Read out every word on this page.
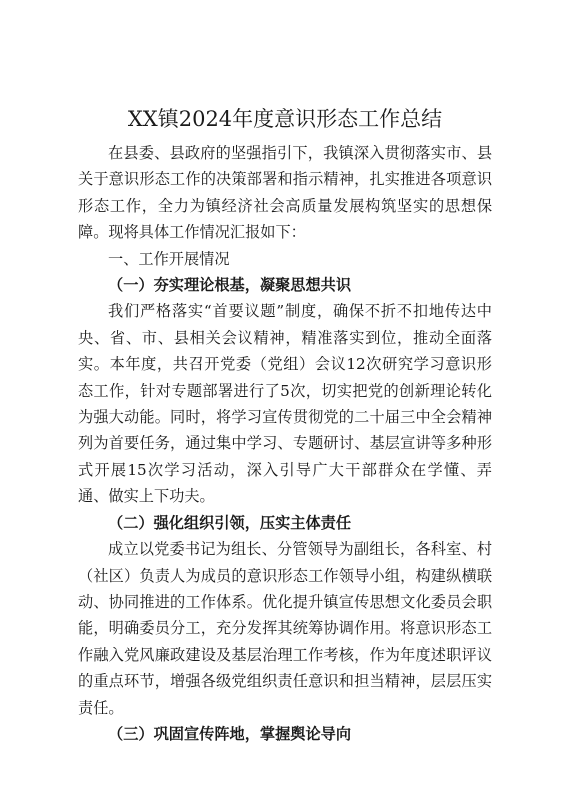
XX镇2024年度意识形态工作总结

在县委、县政府的坚强指引下，我镇深入贯彻落实市、县关于意识形态工作的决策部署和指示精神，扎实推进各项意识形态工作，全力为镇经济社会高质量发展构筑坚实的思想保障。现将具体工作情况汇报如下：

一、工作开展情况

（一）夯实理论根基，凝聚思想共识

我们严格落实“首要议题”制度，确保不折不扣地传达中央、省、市、县相关会议精神，精准落实到位，推动全面落实。本年度，共召开党委（党组）会议12次研究学习意识形态工作，针对专题部署进行了5次，切实把党的创新理论转化为强大动能。同时，将学习宣传贯彻党的二十届三中全会精神列为首要任务，通过集中学习、专题研讨、基层宣讲等多种形式开展15次学习活动，深入引导广大干部群众在学懂、弄通、做实上下功夫。

（二）强化组织引领，压实主体责任

成立以党委书记为组长、分管领导为副组长，各科室、村（社区）负责人为成员的意识形态工作领导小组，构建纵横联动、协同推进的工作体系。优化提升镇宣传思想文化委员会职能，明确委员分工，充分发挥其统筹协调作用。将意识形态工作融入党风廉政建设及基层治理工作考核，作为年度述职评议的重点环节，增强各级党组织责任意识和担当精神，层层压实责任。

（三）巩固宣传阵地，掌握舆论导向
